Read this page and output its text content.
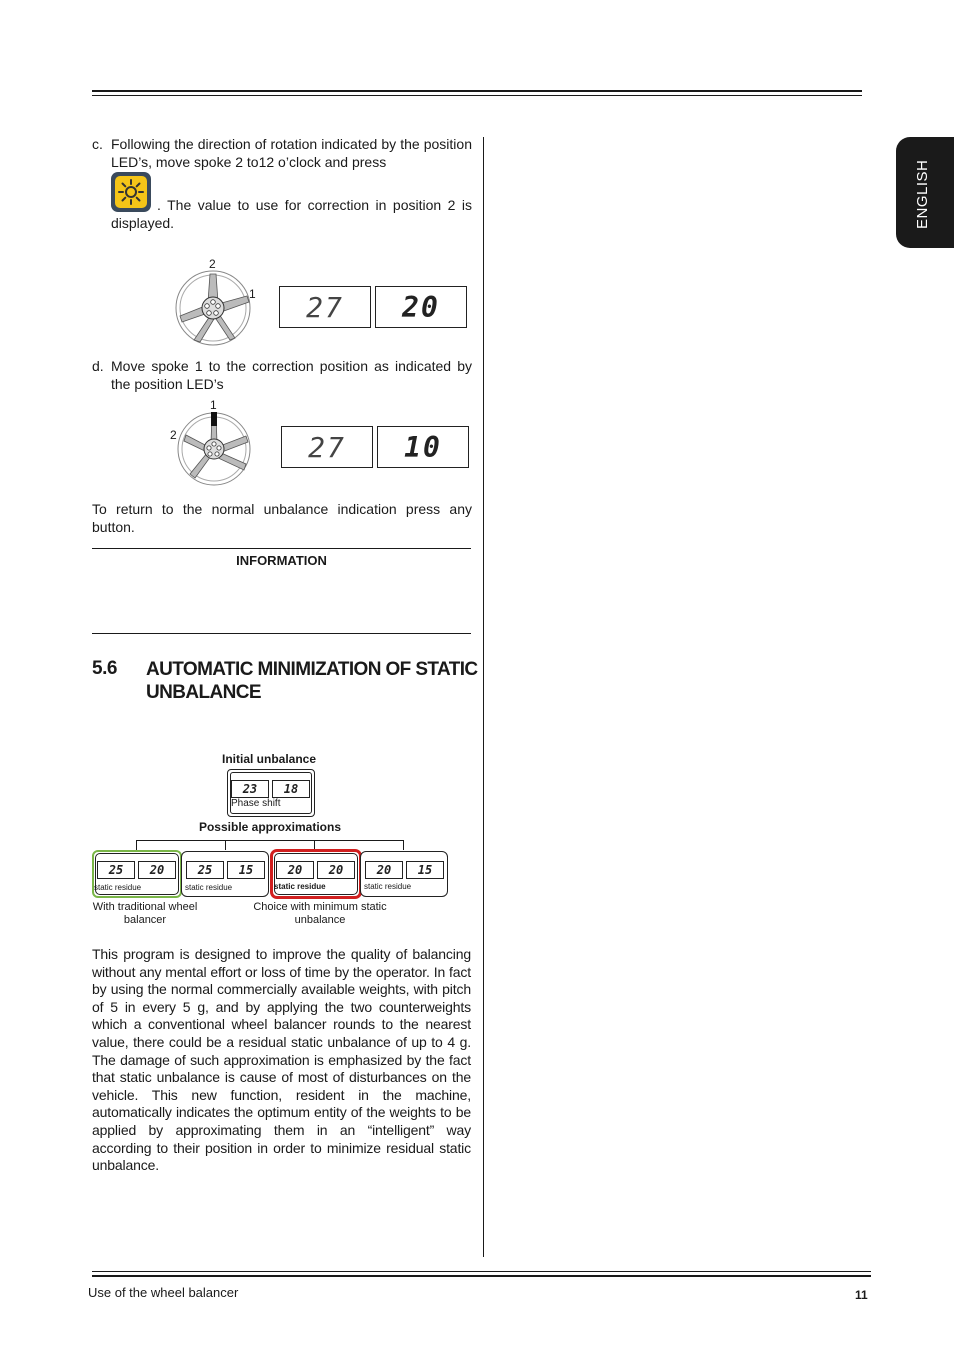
ENGLISH
c. Following the direction of rotation indicated by the position LED’s, move spoke 2 to12 o’clock and press
. The value to use for correction in position 2 is displayed.
2
1 27 20
d. Move spoke 1 to the correction position as indicated by the position LED’s
1
2	27 10
To return to the normal unbalance indication press any button.
INFORMATION
5.6 AUTOMATIC MINIMIZATION OF STATIC
UNBALANCE
Initial unbalance
23	18
Phase shift
Possible approximations
25	20
static residue
25	15
static residue
20	20
static residue
20	15
static residue
With traditional wheel balancer
Choice with minimum static unbalance
This program is designed to improve the quality of balancing without any mental effort or loss of time by the operator. In fact by using the normal commercially available weights, with pitch of 5 in every 5 g, and by applying the two counterweights which a conventional wheel balancer rounds to the nearest value, there could be a residual static unbalance of up to 4 g. The damage of such approximation is emphasized by the fact that static unbalance is cause of most of disturbances on the vehicle. This new function, resident in the machine, automatically indicates the optimum entity of the weights to be applied by approximating them in an “intelligent” way according to their position in order to minimize residual static unbalance.
Use of the wheel balancer	11
